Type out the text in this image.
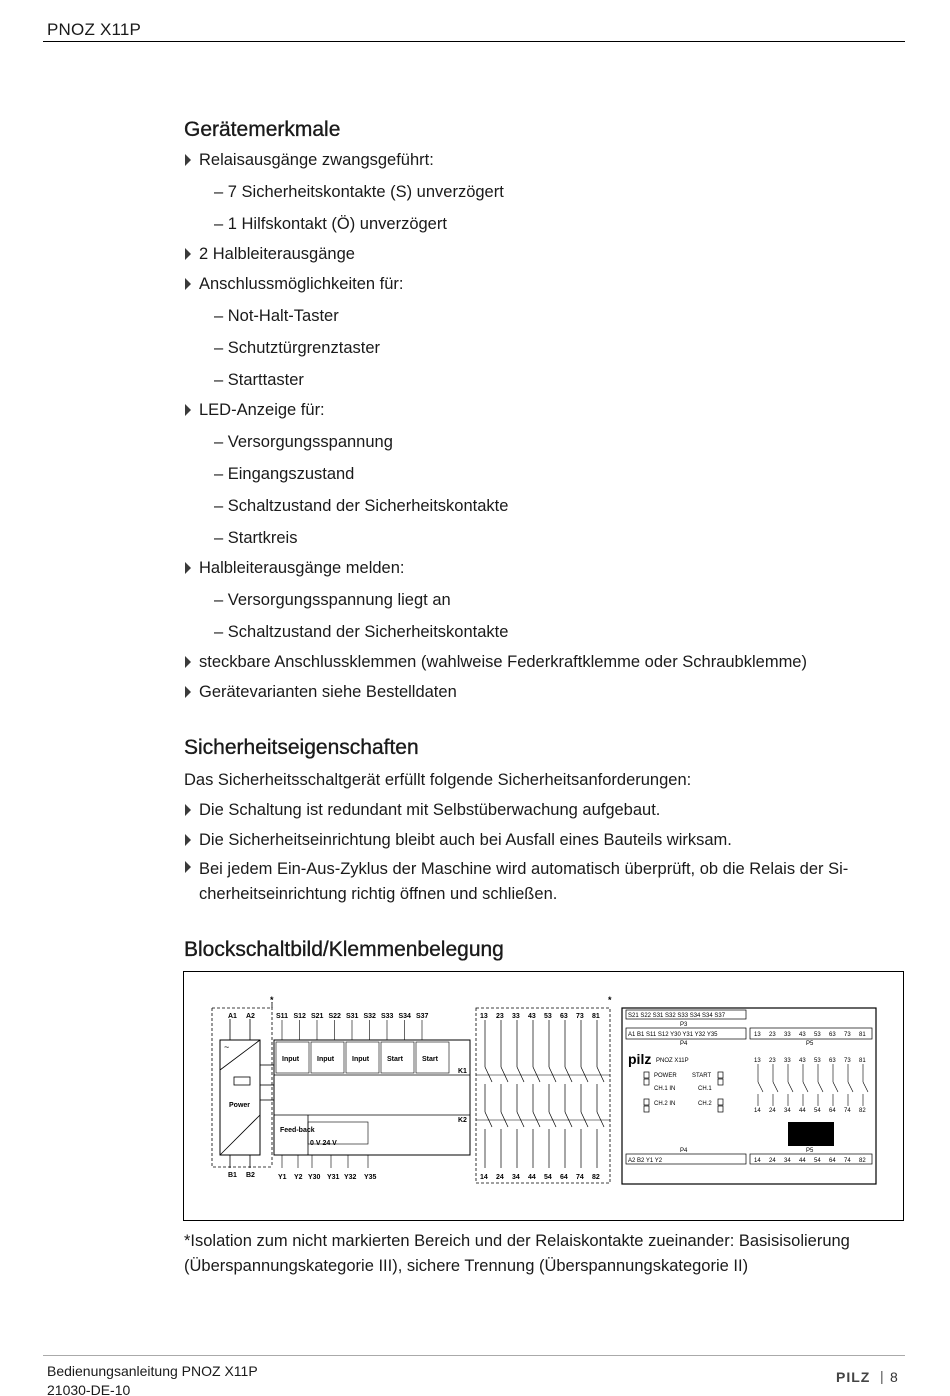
PNOZ X11P
Gerätemerkmale
Relaisausgänge zwangsgeführt:
– 7 Sicherheitskontakte (S) unverzögert
– 1 Hilfskontakt (Ö) unverzögert
2 Halbleiterausgänge
Anschlussmöglichkeiten für:
– Not-Halt-Taster
– Schutztürgrenztaster
– Starttaster
LED-Anzeige für:
– Versorgungsspannung
– Eingangszustand
– Schaltzustand der Sicherheitskontakte
– Startkreis
Halbleiterausgänge melden:
– Versorgungsspannung liegt an
– Schaltzustand der Sicherheitskontakte
steckbare Anschlussklemmen (wahlweise Federkraftklemme oder Schraubklemme)
Gerätevarianten siehe Bestelldaten
Sicherheitseigenschaften
Das Sicherheitsschaltgerät erfüllt folgende Sicherheitsanforderungen:
Die Schaltung ist redundant mit Selbstüberwachung aufgebaut.
Die Sicherheitseinrichtung bleibt auch bei Ausfall eines Bauteils wirksam.
Bei jedem Ein-Aus-Zyklus der Maschine wird automatisch überprüft, ob die Relais der Si-cherheitseinrichtung richtig öffnen und schließen.
Blockschaltbild/Klemmenbelegung
A1 A2
*
S11 S12 S21 S22 S31 S32 S33 S34 S37
Y1 Y2 Y30 Y31 Y32 Y35
13 23 33 43 53 63 73 81
14 24 34 44 54 64 74 82
*
B1 B2
~
Power
Input	Input	Input	Start	Start
Feed-back
0 V 24 V
K1
K2
S21 S22 S31 S32 S33 S34 S34 S37
P3
A1 B1 S11 S12 Y30 Y31 Y32 Y35
P4	P5
pilz PNOZ X11P
POWER	START
CH.1 IN	CH.1
CH.2 IN	CH.2
13
14
13
14
23
24
23
24
33
34
33
34
43
44
43
44
53
54
53
54
63
64
63
64
73
74
73
74
81
82
81
82
P5
P4
A2 B2 Y1 Y2
*Isolation zum nicht markierten Bereich und der Relaiskontakte zueinander: Basisisolierung (Überspannungskategorie III), sichere Trennung (Überspannungskategorie II)
Bedienungsanleitung PNOZ X11P
21030-DE-10
PILZ | 8
